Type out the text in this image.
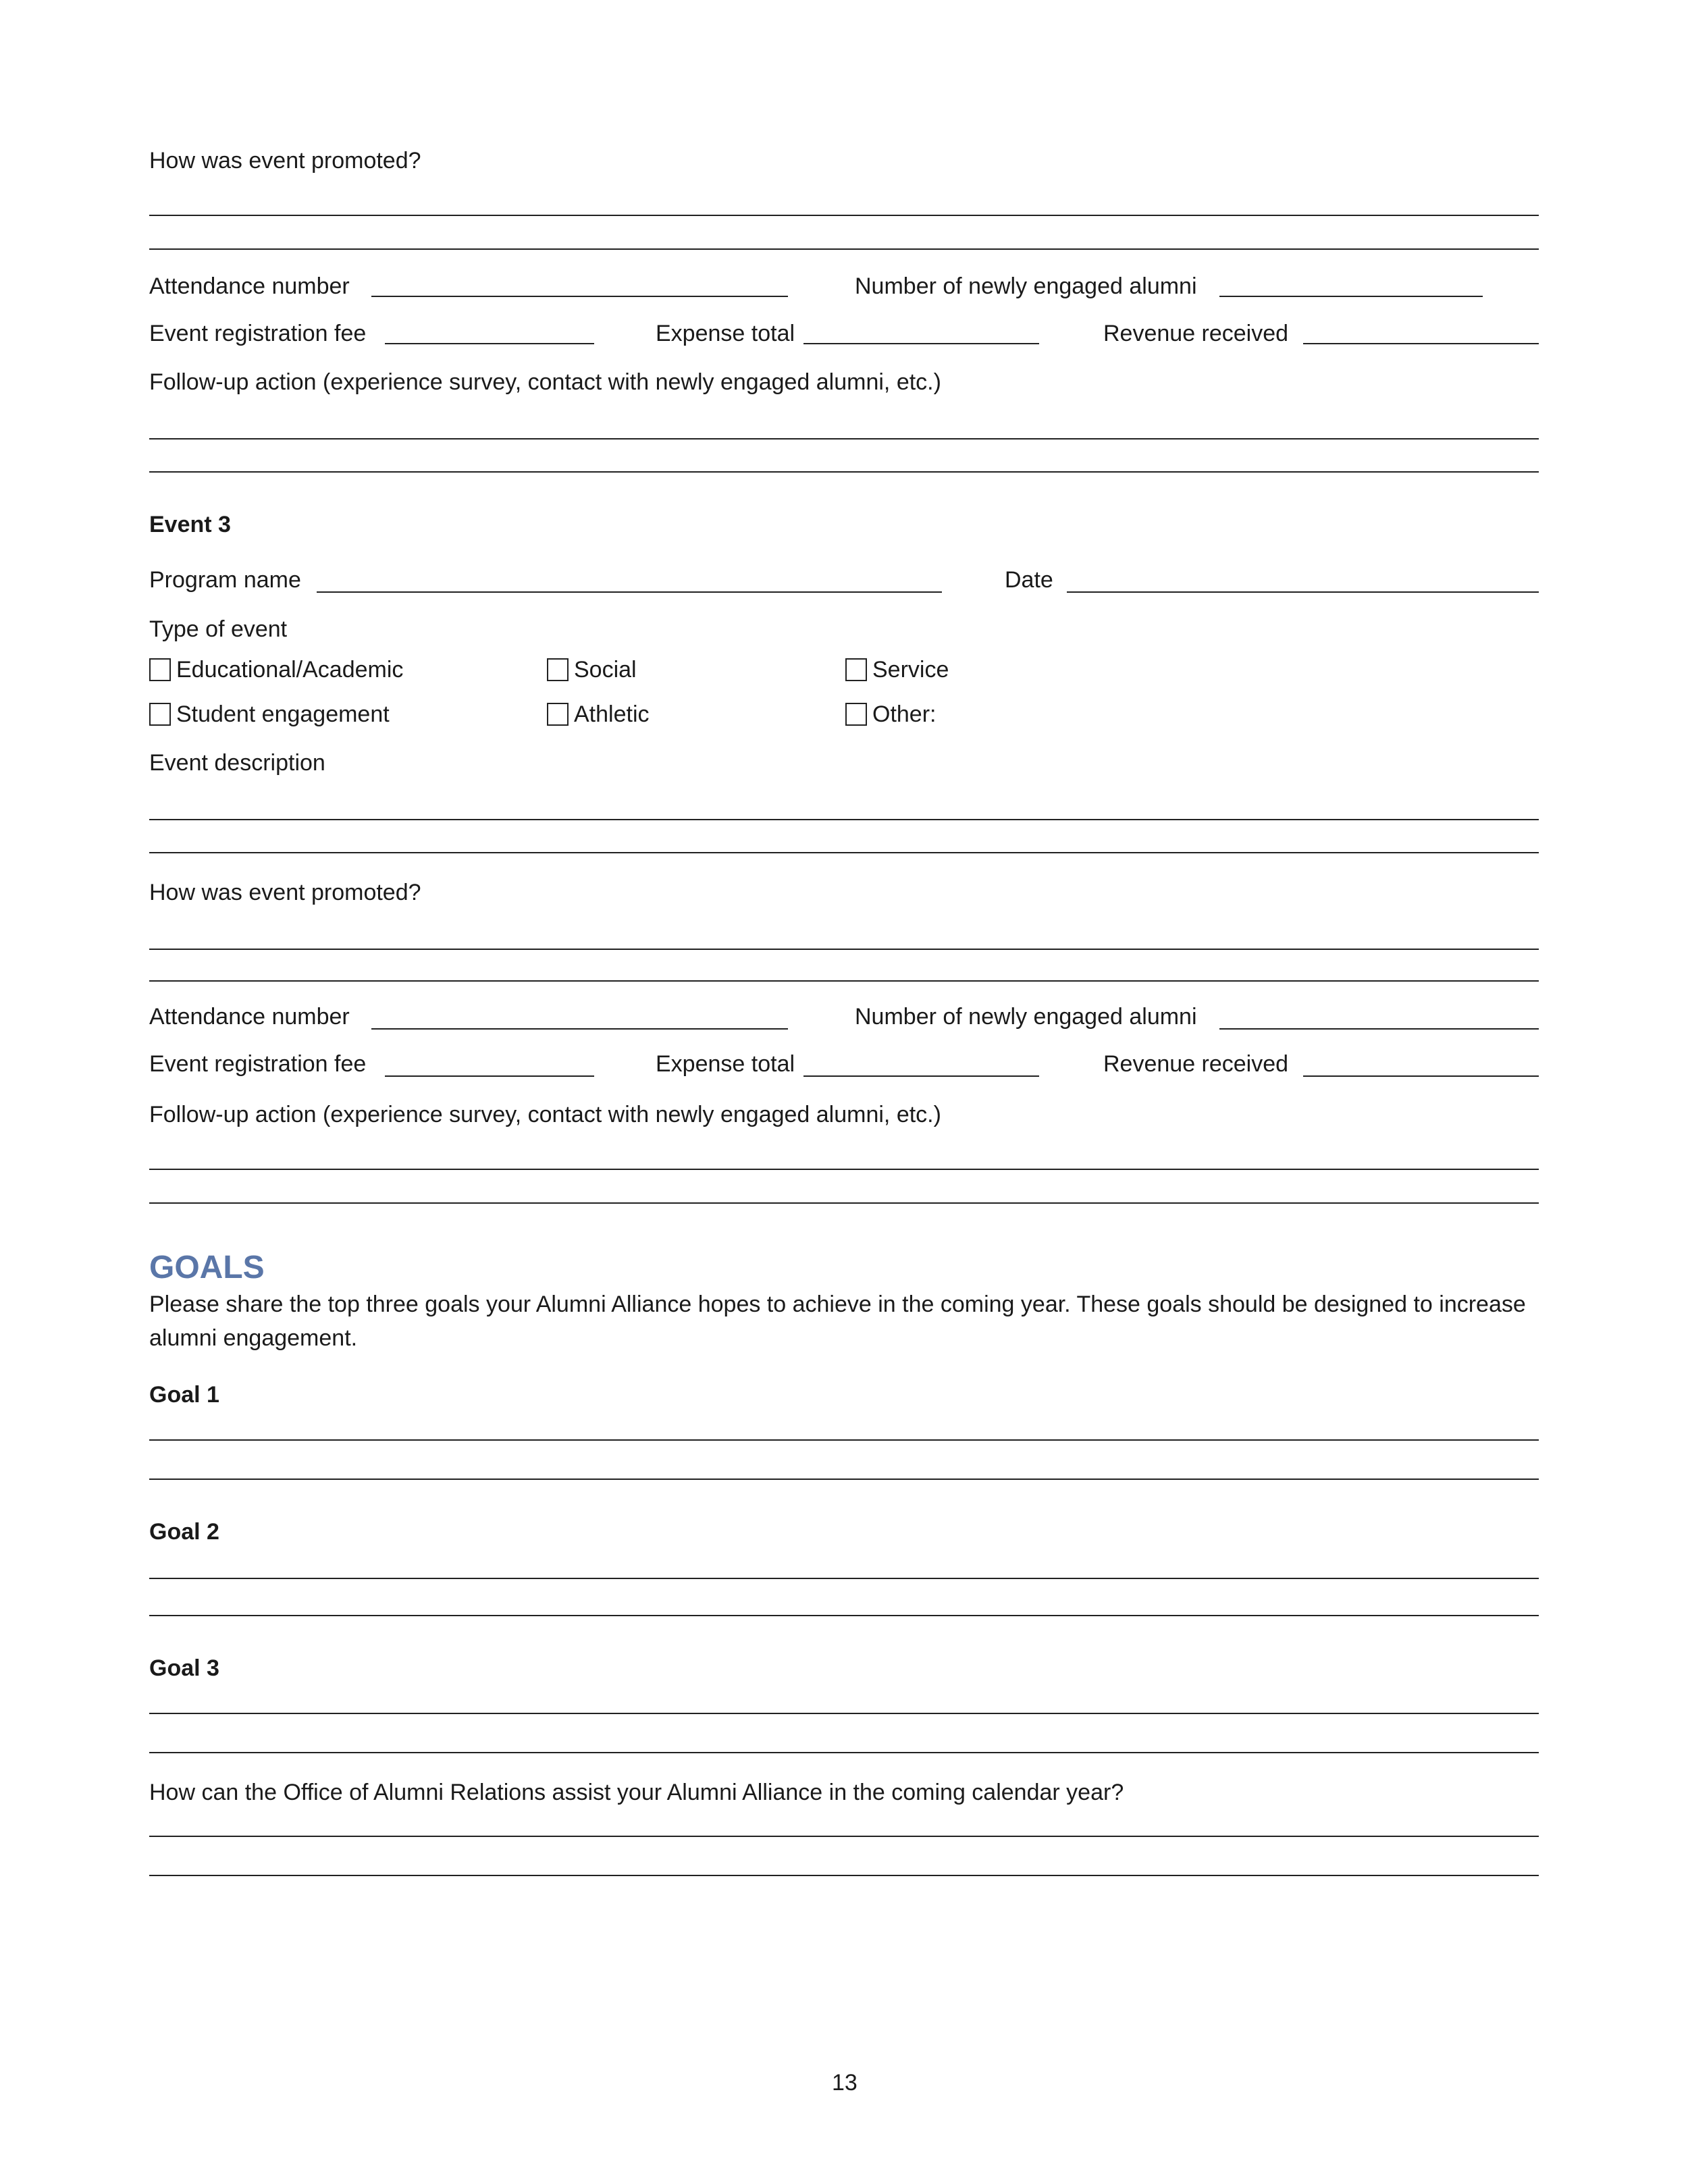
How was event promoted?
Attendance number	Number of newly engaged alumni
Event registration fee	Expense total	Revenue received
Follow-up action (experience survey, contact with newly engaged alumni, etc.)
Event 3
Program name	Date
Type of event
Educational/Academic	Social	Service
Student engagement	Athletic	Other:
Event description
How was event promoted?
Attendance number	Number of newly engaged alumni
Event registration fee	Expense total	Revenue received
Follow-up action (experience survey, contact with newly engaged alumni, etc.)
GOALS
Please share the top three goals your Alumni Alliance hopes to achieve in the coming year. These goals should be designed to increase alumni engagement.
Goal 1
Goal 2
Goal 3
How can the Office of Alumni Relations assist your Alumni Alliance in the coming calendar year?
13
